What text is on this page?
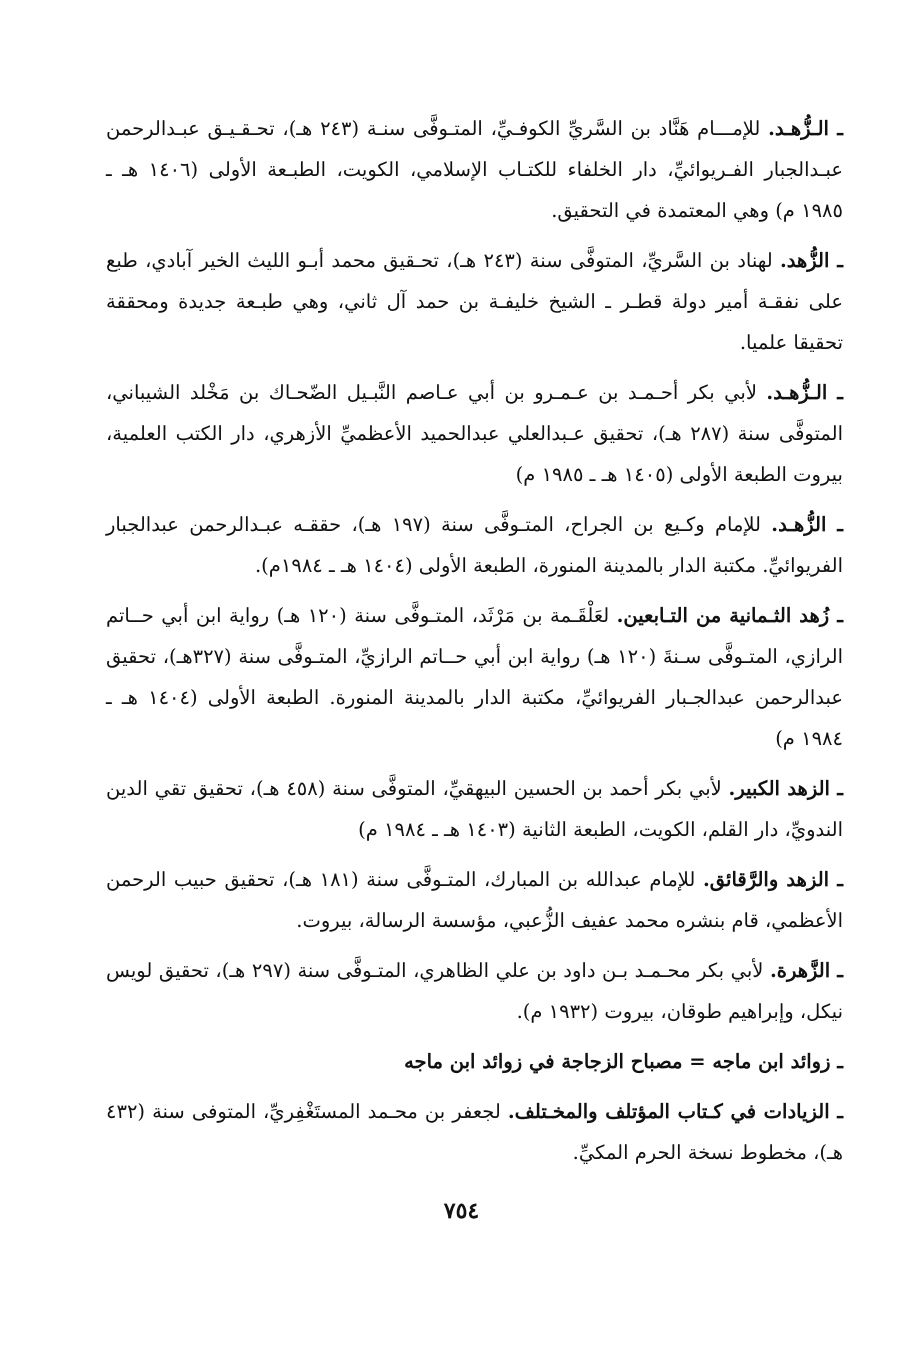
ـ الـزُّهـد. للإمـــام هَنَّاد بن السَّريِّ الكوفـيِّ، المتـوفَّى سنـة (٢٤٣ هـ)، تحـقـيـق عبـدالرحمن عبـدالجبار الفـريوائيِّ، دار الخلفاء للكتـاب الإسلامي، الكويت، الطبـعة الأولى (١٤٠٦ هـ ـ ١٩٨٥ م) وهي المعتمدة في التحقيق.

ـ الزُّهد. لهناد بن السَّريِّ، المتوفَّى سنة (٢٤٣ هـ)، تحـقيق محمد أبـو الليث الخير آبادي، طبع على نفقـة أمير دولة قطـر ـ الشيخ خليفـة بن حمد آل ثاني، وهي طبـعة جديدة ومحققة تحقيقا علميا.

ـ الـزُّهـد. لأبي بكر أحـمـد بن عـمـرو بن أبي عـاصم النَّبـيل الضّحـاك بن مَخْلد الشيباني، المتوفَّى سنة (٢٨٧ هـ)، تحقيق عـبدالعلي عبدالحميد الأعظميِّ الأزهري، دار الكتب العلمية، بيروت الطبعة الأولى (١٤٠٥ هـ ـ ١٩٨٥ م)

ـ الزُّهـد. للإمام وكـيع بن الجراح، المتـوفَّى سنة (١٩٧ هـ)، حققـه عبـدالرحمن عبدالجبار الفريوائيِّ. مكتبة الدار بالمدينة المنورة، الطبعة الأولى (١٤٠٤ هـ ـ ١٩٨٤م).

ـ زُهد الثـمانية من التـابعين. لعَلْقَـمة بن مَرْثَد، المتـوفَّى سنة (١٢٠ هـ) رواية ابن أبي حــاتم الرازي، المتـوفَّى سـنةَ (١٢٠ هـ) رواية ابن أبي حــاتم الرازيِّ، المتـوفَّى سنة (٣٢٧هـ)، تحقيق عبدالرحمن عبدالجـبار الفريوائيِّ، مكتبة الدار بالمدينة المنورة. الطبعة الأولى (١٤٠٤ هـ ـ ١٩٨٤ م)

ـ الزهد الكبير. لأبي بكر أحمد بن الحسين البيهقيِّ، المتوفَّى سنة (٤٥٨ هـ)، تحقيق تقي الدين الندويِّ، دار القلم، الكويت، الطبعة الثانية (١٤٠٣ هـ ـ ١٩٨٤ م)

ـ الزهد والرَّقائق. للإمام عبدالله بن المبارك، المتـوفَّى سنة (١٨١ هـ)، تحقيق حبيب الرحمن الأعظمي، قام بنشره محمد عفيف الزُّعبي، مؤسسة الرسالة، بيروت.

ـ الزَّهرة. لأبي بكر محـمـد بـن داود بن علي الظاهري، المتـوفَّى سنة (٢٩٧ هـ)، تحقيق لويس نيكل، وإبراهيم طوقان، بيروت (١٩٣٢ م).

ـ زوائد ابن ماجه = مصباح الزجاجة في زوائد ابن ماجه

ـ الزيادات في كـتاب المؤتلف والمخـتلف. لجعفر بن محـمد المستَغْفِريِّ، المتوفى سنة (٤٣٢ هـ)، مخطوط نسخة الحرم المكيِّ.

٧٥٤
